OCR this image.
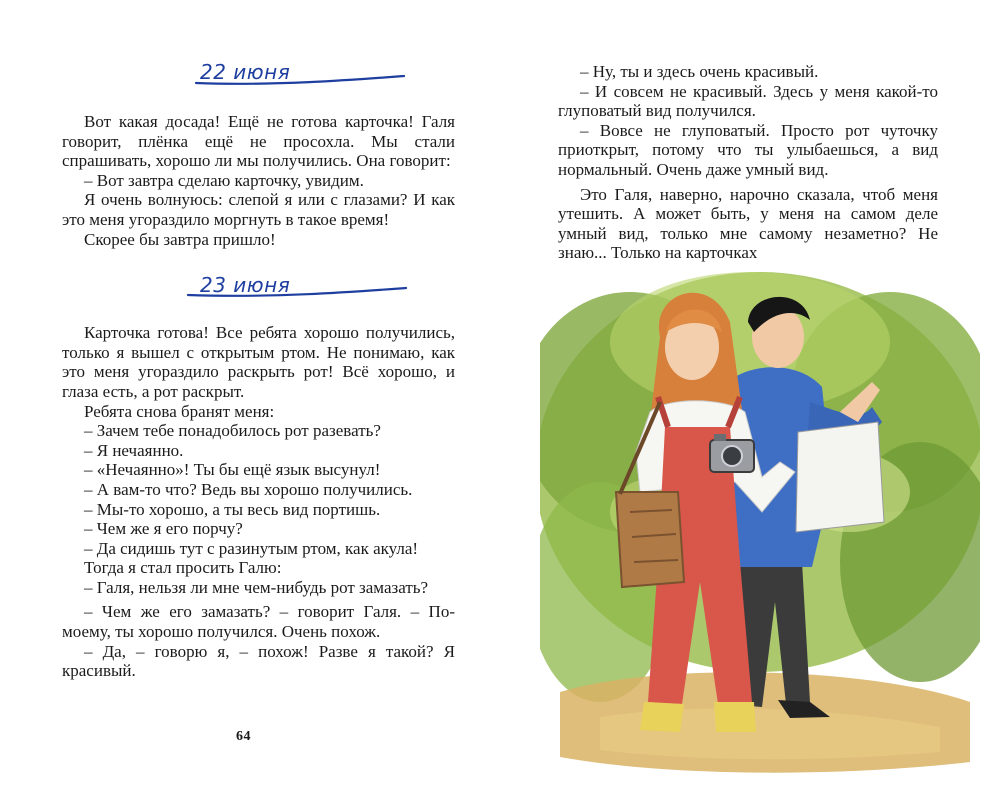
22 июня

Вот какая досада! Ещё не готова карточка! Галя говорит, плёнка ещё не просохла. Мы стали спрашивать, хорошо ли мы получились. Она говорит:

– Вот завтра сделаю карточку, увидим.

Я очень волнуюсь: слепой я или с глазами? И как это меня угораздило моргнуть в такое время!

Скорее бы завтра пришло!

23 июня

Карточка готова! Все ребята хорошо получились, только я вышел с открытым ртом. Не понимаю, как это меня угораздило раскрыть рот! Всё хорошо, и глаза есть, а рот раскрыт.

Ребята снова бранят меня:

– Зачем тебе понадобилось рот разевать?

– Я нечаянно.

– «Нечаянно»! Ты бы ещё язык высунул!

– А вам-то что? Ведь вы хорошо получились.

– Мы-то хорошо, а ты весь вид портишь.

– Чем же я его порчу?

– Да сидишь тут с разинутым ртом, как акула!

Тогда я стал просить Галю:

– Галя, нельзя ли мне чем-нибудь рот замазать?

– Чем же его замазать? – говорит Галя. – По-моему, ты хорошо получился. Очень похож.

– Да, – говорю я, – похож! Разве я такой? Я красивый.

64

– Ну, ты и здесь очень красивый.

– И совсем не красивый. Здесь у меня какой-то глуповатый вид получился.

– Вовсе не глуповатый. Просто рот чуточку приоткрыт, потому что ты улыбаешься, а вид нормальный. Очень даже умный вид.

Это Галя, наверно, нарочно сказала, чтоб меня утешить. А может быть, у меня на самом деле умный вид, только мне самому незаметно? Не знаю... Только на карточках
